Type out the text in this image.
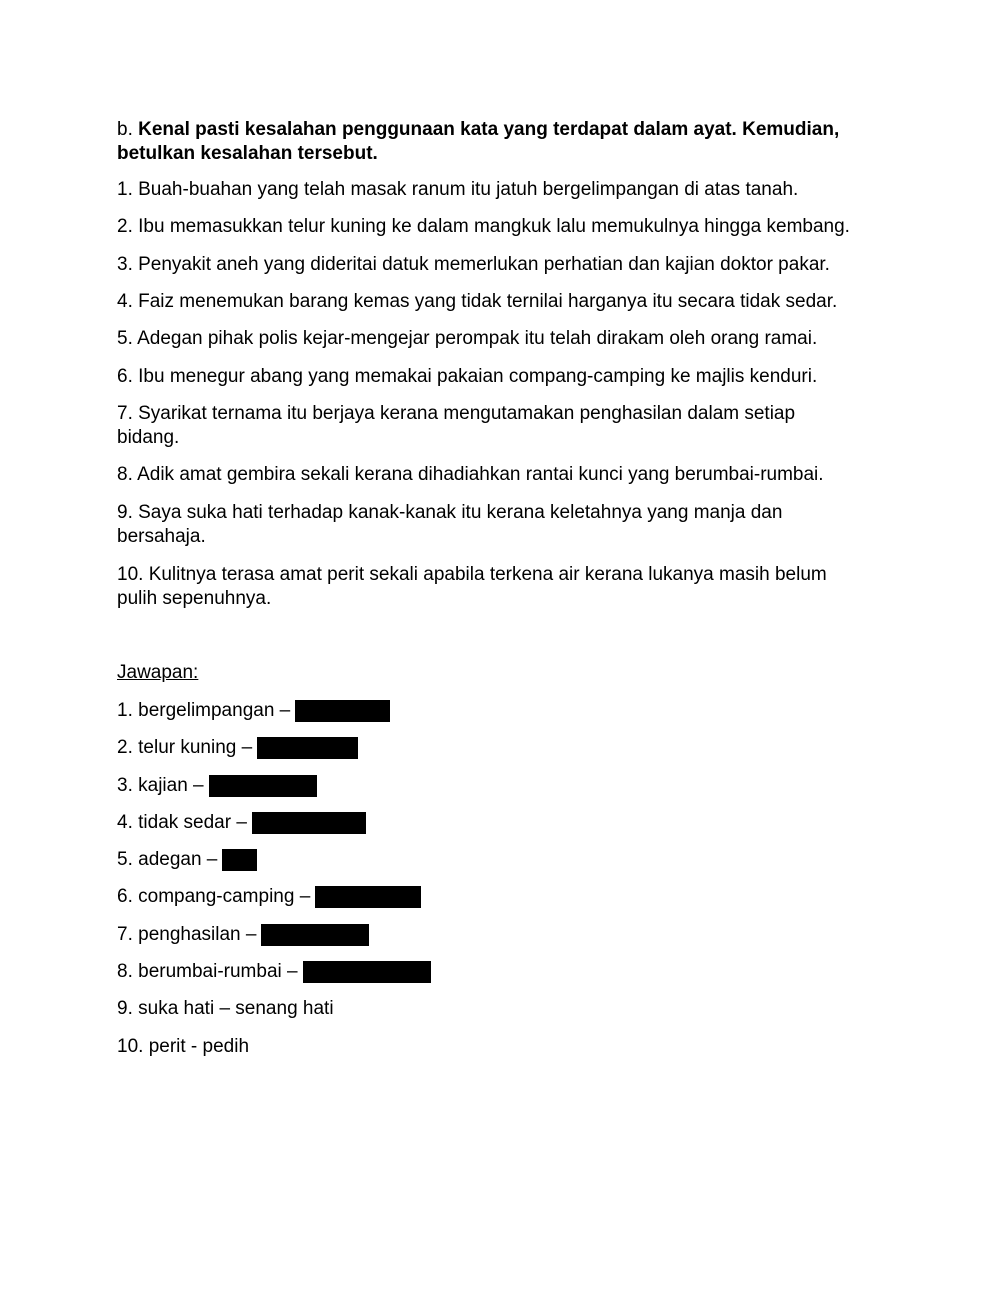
b. Kenal pasti kesalahan penggunaan kata yang terdapat dalam ayat. Kemudian, betulkan kesalahan tersebut.
1. Buah-buahan yang telah masak ranum itu jatuh bergelimpangan di atas tanah.
2. Ibu memasukkan telur kuning ke dalam mangkuk lalu memukulnya hingga kembang.
3. Penyakit aneh yang dideritai datuk memerlukan perhatian dan kajian doktor pakar.
4. Faiz menemukan barang kemas yang tidak ternilai harganya itu secara tidak sedar.
5. Adegan pihak polis kejar-mengejar perompak itu telah dirakam oleh orang ramai.
6. Ibu menegur abang yang memakai pakaian compang-camping ke majlis kenduri.
7. Syarikat ternama itu berjaya kerana mengutamakan penghasilan dalam setiap bidang.
8. Adik amat gembira sekali kerana dihadiahkan rantai kunci yang berumbai-rumbai.
9. Saya suka hati terhadap kanak-kanak itu kerana keletahnya yang manja dan bersahaja.
10. Kulitnya terasa amat perit sekali apabila terkena air kerana lukanya masih belum pulih sepenuhnya.
Jawapan:
1. bergelimpangan –
2. telur kuning –
3. kajian –
4. tidak sedar –
5. adegan –
6. compang-camping –
7. penghasilan –
8. berumbai-rumbai –
9. suka hati – senang hati
10. perit - pedih
